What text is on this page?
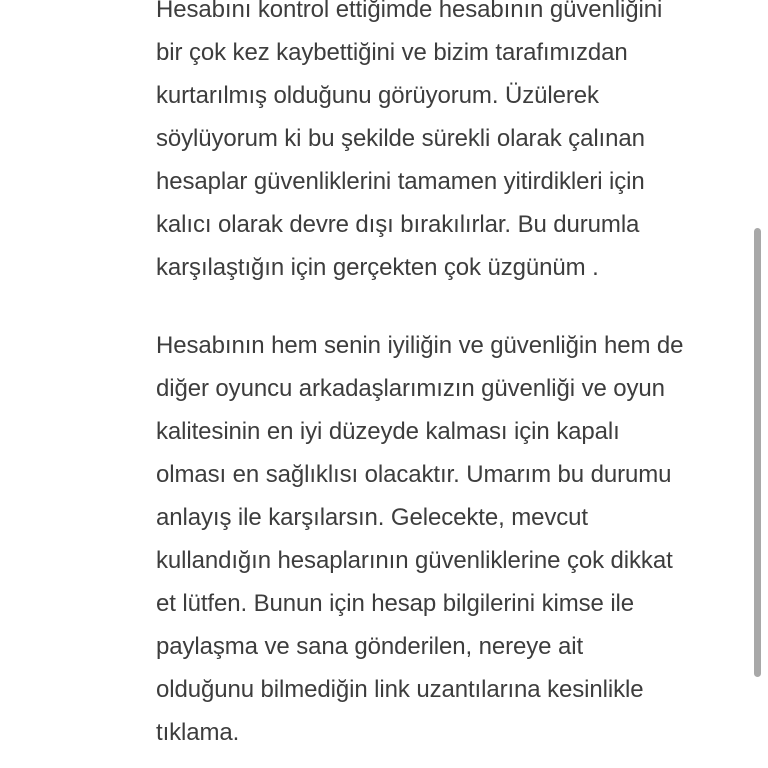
Hesabını kontrol ettiğimde hesabının güvenliğini
bir çok kez kaybettiğini ve bizim tarafımızdan
kurtarılmış olduğunu görüyorum. Üzülerek
söylüyorum ki bu şekilde sürekli olarak çalınan
hesaplar güvenliklerini tamamen yitirdikleri için
kalıcı olarak devre dışı bırakılırlar. Bu durumla
karşılaştığın için gerçekten çok üzgünüm .
Hesabının hem senin iyiliğin ve güvenliğin hem de
diğer oyuncu arkadaşlarımızın güvenliği ve oyun
kalitesinin en iyi düzeyde kalması için kapalı
olması en sağlıklısı olacaktır. Umarım bu durumu
anlayış ile karşılarsın. Gelecekte, mevcut
kullandığın hesaplarının güvenliklerine çok dikkat
et lütfen. Bunun için hesap bilgilerini kimse ile
paylaşma ve sana gönderilen, nereye ait
olduğunu bilmediğin link uzantılarına kesinlikle
tıklama.
